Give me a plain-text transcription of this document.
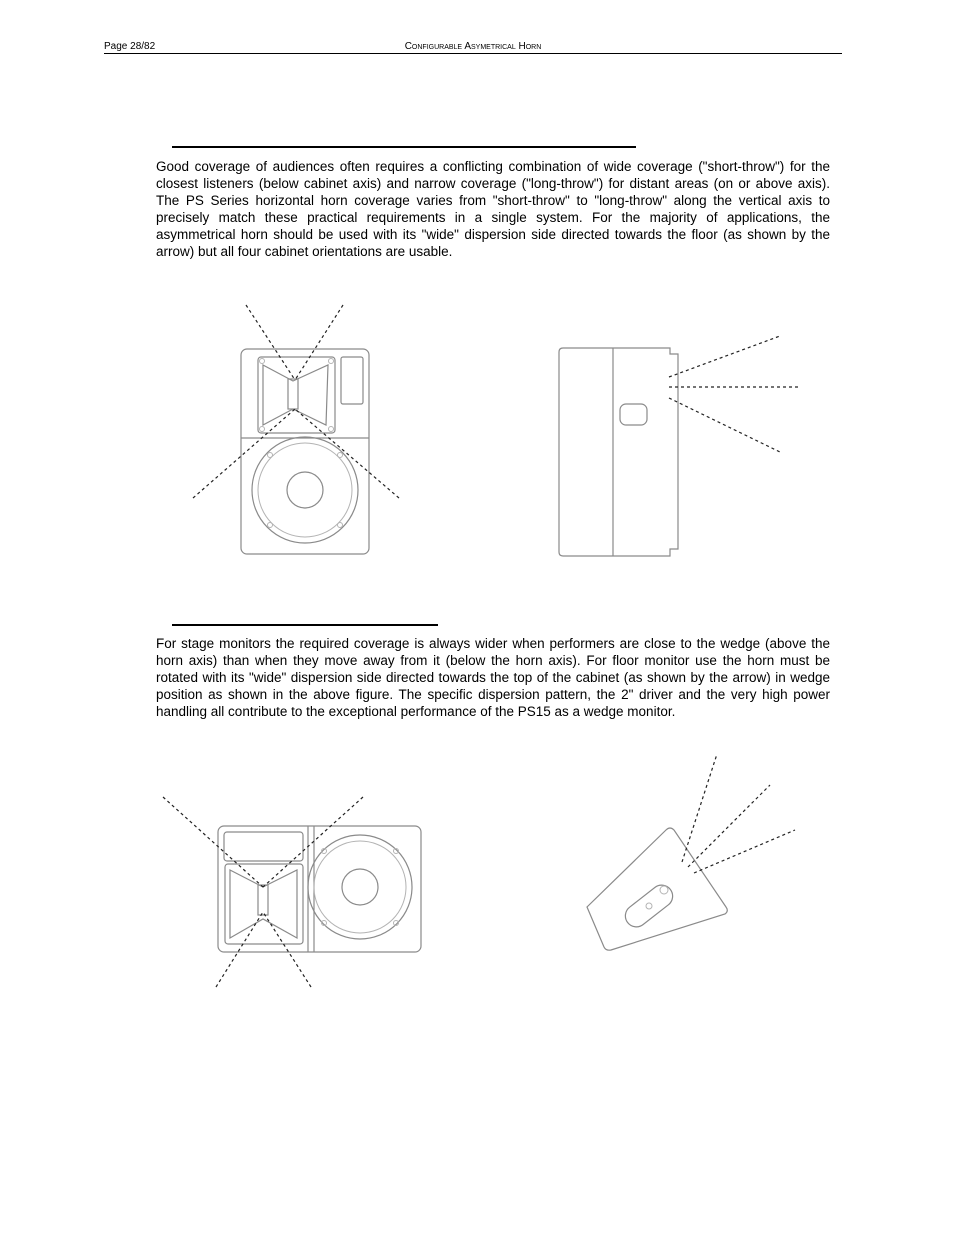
Page 28/82	Configurable Asymetrical Horn

Good coverage of audiences often requires a conflicting combination of wide coverage ("short-throw") for the closest listeners (below cabinet axis) and narrow coverage ("long-throw") for distant areas (on or above axis). The PS Series horizontal horn coverage varies from "short-throw" to "long-throw" along the vertical axis to precisely match these practical requirements in a single system. For the majority of applications, the asymmetrical horn should be used with its "wide" dispersion side directed towards the floor (as shown by the arrow) but all four cabinet orientations are usable.

For stage monitors the required coverage is always wider when performers are close to the wedge (above the horn axis) than when they move away from it (below the horn axis). For floor monitor use the horn must be rotated with its "wide" dispersion side directed towards the top of the cabinet (as shown by the arrow) in wedge position as shown in the above figure. The specific dispersion pattern, the 2" driver and the very high power handling all contribute to the exceptional performance of the PS15 as a wedge monitor.
